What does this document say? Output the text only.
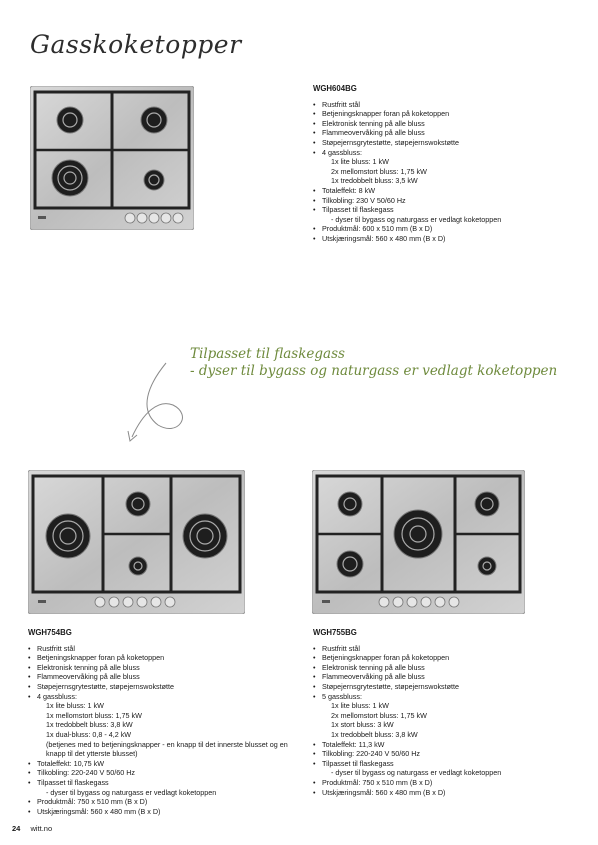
Gasskoketopper
Tilpasset til flaskegass
- dyser til bygass og naturgass er vedlagt koketoppen
WGH604BG
• Rustfritt stål
• Betjeningsknapper foran på koketoppen
• Elektronisk tenning på alle bluss
• Flammeovervåking på alle bluss
• Støpejernsgrytestøtte, støpejernswokstøtte
• 4 gassbluss:
1x lite bluss: 1 kW
2x mellomstort bluss: 1,75 kW
1x tredobbelt bluss: 3,5 kW
• Totaleffekt: 8 kW
• Tilkobling: 230 V 50/60 Hz
• Tilpasset til flaskegass
- dyser til bygass og naturgass er vedlagt koketoppen
• Produktmål: 600 x 510 mm (B x D)
• Utskjæringsmål: 560 x 480 mm (B x D)
WGH754BG
• Rustfritt stål
• Betjeningsknapper foran på koketoppen
• Elektronisk tenning på alle bluss
• Flammeovervåking på alle bluss
• Støpejernsgrytestøtte, støpejernswokstøtte
• 4 gassbluss:
1x lite bluss: 1 kW
1x mellomstort bluss: 1,75 kW
1x tredobbelt bluss: 3,8 kW
1x dual-bluss: 0,8 - 4,2 kW
(betjenes med to betjeningsknapper - en knapp til det innerste blusset og en knapp til det ytterste blusset)
• Totaleffekt: 10,75 kW
• Tilkobling: 220-240 V 50/60 Hz
• Tilpasset til flaskegass
- dyser til bygass og naturgass er vedlagt koketoppen
• Produktmål: 750 x 510 mm (B x D)
• Utskjæringsmål: 560 x 480 mm (B x D)
WGH755BG
• Rustfritt stål
• Betjeningsknapper foran på koketoppen
• Elektronisk tenning på alle bluss
• Flammeovervåking på alle bluss
• Støpejernsgrytestøtte, støpejernswokstøtte
• 5 gassbluss:
1x lite bluss: 1 kW
2x mellomstort bluss: 1,75 kW
1x stort bluss: 3 kW
1x tredobbelt bluss: 3,8 kW
• Totaleffekt: 11,3 kW
• Tilkobling: 220-240 V 50/60 Hz
• Tilpasset til flaskegass
- dyser til bygass og naturgass er vedlagt koketoppen
• Produktmål: 750 x 510 mm (B x D)
• Utskjæringsmål: 560 x 480 mm (B x D)
24 witt.no
